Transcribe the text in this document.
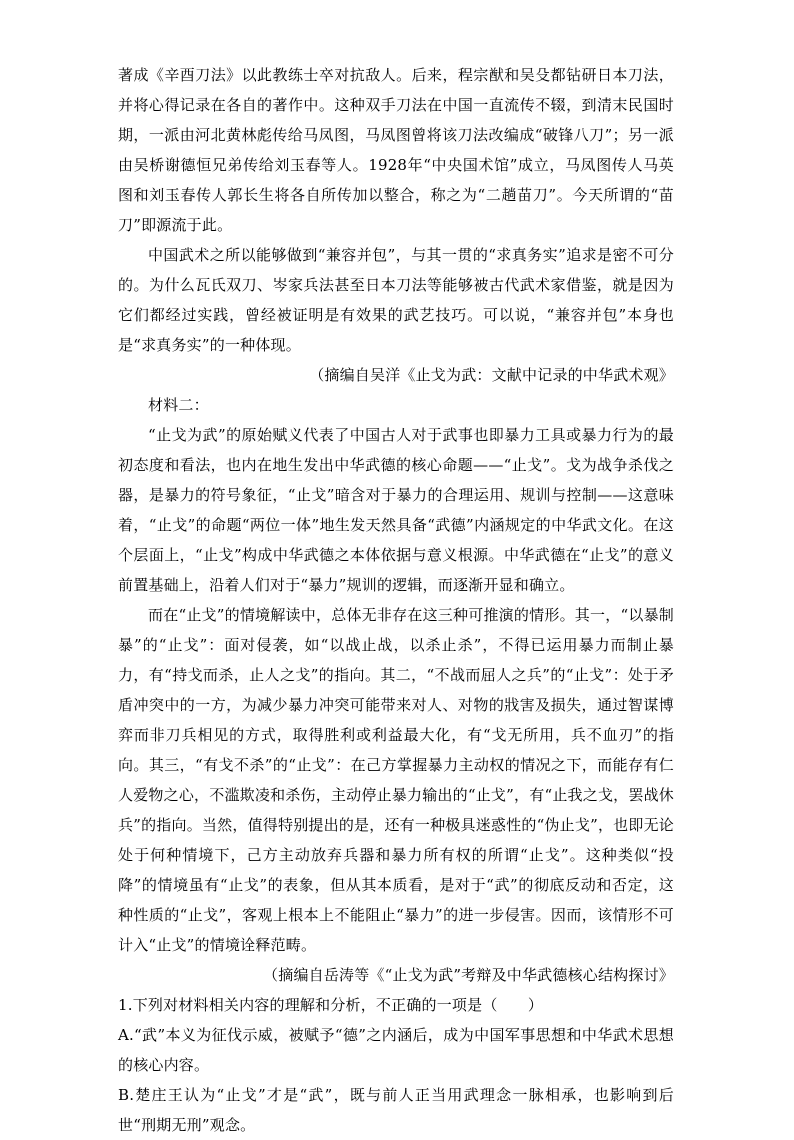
著成《辛酉刀法》以此教练士卒对抗敌人。后来，程宗猷和吴殳都钻研日本刀法，并将心得记录在各自的著作中。这种双手刀法在中国一直流传不辍，到清末民国时期，一派由河北黄林彪传给马凤图，马凤图曾将该刀法改编成“破锋八刀”；另一派由吴桥谢德恒兄弟传给刘玉春等人。1928年“中央国术馆”成立，马凤图传人马英图和刘玉春传人郭长生将各自所传加以整合，称之为“二趟苗刀”。今天所谓的“苗刀”即源流于此。

中国武术之所以能够做到“兼容并包”，与其一贯的“求真务实”追求是密不可分的。为什么瓦氏双刀、岑家兵法甚至日本刀法等能够被古代武术家借鉴，就是因为它们都经过实践，曾经被证明是有效果的武艺技巧。可以说，“兼容并包”本身也是“求真务实”的一种体现。

（摘编自吴洋《止戈为武：文献中记录的中华武术观》

材料二：

“止戈为武”的原始赋义代表了中国古人对于武事也即暴力工具或暴力行为的最初态度和看法，也内在地生发出中华武德的核心命题——“止戈”。戈为战争杀伐之器，是暴力的符号象征，“止戈”暗含对于暴力的合理运用、规训与控制——这意味着，“止戈”的命题“两位一体”地生发天然具备“武德”内涵规定的中华武文化。在这个层面上，“止戈”构成中华武德之本体依据与意义根源。中华武德在“止戈”的意义前置基础上，沿着人们对于“暴力”规训的逻辑，而逐渐开显和确立。

而在“止戈”的情境解读中，总体无非存在这三种可推演的情形。其一，“以暴制暴”的“止戈”：面对侵袭，如“以战止战，以杀止杀”，不得已运用暴力而制止暴力，有“持戈而杀，止人之戈”的指向。其二，“不战而屈人之兵”的“止戈”：处于矛盾冲突中的一方，为减少暴力冲突可能带来对人、对物的戕害及损失，通过智谋博弈而非刀兵相见的方式，取得胜利或利益最大化，有“戈无所用，兵不血刃”的指向。其三，“有戈不杀”的“止戈”：在己方掌握暴力主动权的情况之下，而能存有仁人爱物之心，不滥欺凌和杀伤，主动停止暴力输出的“止戈”，有“止我之戈，罢战休兵”的指向。当然，值得特别提出的是，还有一种极具迷惑性的“伪止戈”，也即无论处于何种情境下，己方主动放弃兵器和暴力所有权的所谓“止戈”。这种类似“投降”的情境虽有“止戈”的表象，但从其本质看，是对于“武”的彻底反动和否定，这种性质的“止戈”，客观上根本上不能阻止“暴力”的进一步侵害。因而，该情形不可计入“止戈”的情境诠释范畴。

（摘编自岳涛等《“止戈为武”考辩及中华武德核心结构探讨》

1.下列对材料相关内容的理解和分析，不正确的一项是（　　）

A.“武”本义为征伐示威，被赋予“德”之内涵后，成为中国军事思想和中华武术思想的核心内容。

B.楚庄王认为“止戈”才是“武”，既与前人正当用武理念一脉相承，也影响到后世“刑期无刑”观念。
